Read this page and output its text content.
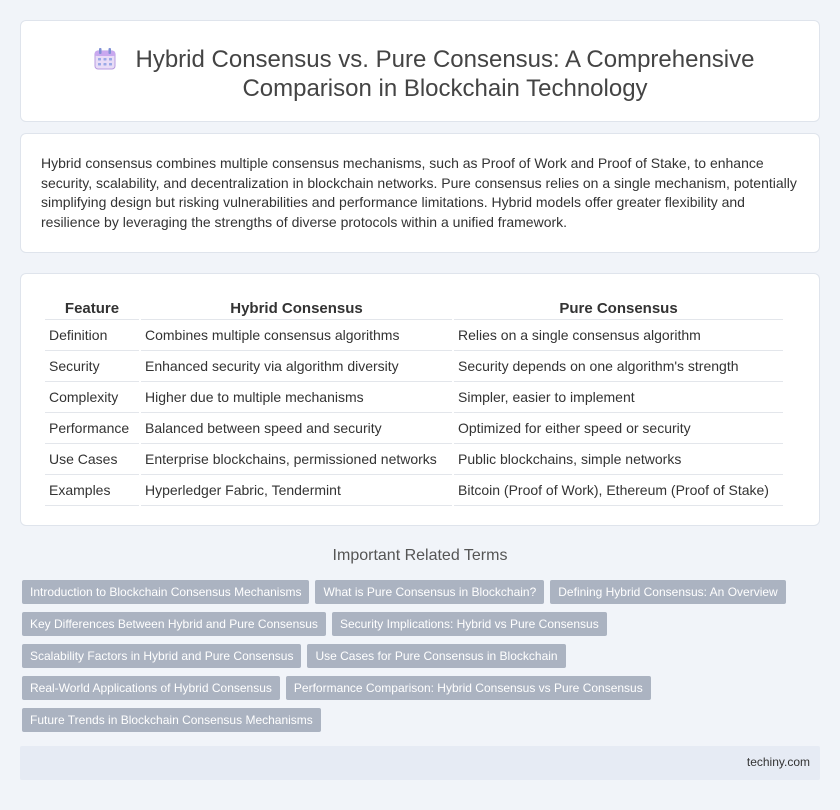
Hybrid Consensus vs. Pure Consensus: A Comprehensive Comparison in Blockchain Technology

Hybrid consensus combines multiple consensus mechanisms, such as Proof of Work and Proof of Stake, to enhance security, scalability, and decentralization in blockchain networks. Pure consensus relies on a single mechanism, potentially simplifying design but risking vulnerabilities and performance limitations. Hybrid models offer greater flexibility and resilience by leveraging the strengths of diverse protocols within a unified framework.

Feature	Hybrid Consensus	Pure Consensus
Definition	Combines multiple consensus algorithms	Relies on a single consensus algorithm
Security	Enhanced security via algorithm diversity	Security depends on one algorithm's strength
Complexity	Higher due to multiple mechanisms	Simpler, easier to implement
Performance	Balanced between speed and security	Optimized for either speed or security
Use Cases	Enterprise blockchains, permissioned networks	Public blockchains, simple networks
Examples	Hyperledger Fabric, Tendermint	Bitcoin (Proof of Work), Ethereum (Proof of Stake)
Important Related Terms
Introduction to Blockchain Consensus Mechanisms What is Pure Consensus in Blockchain? Defining Hybrid Consensus: An Overview
Key Differences Between Hybrid and Pure Consensus Security Implications: Hybrid vs Pure Consensus
Scalability Factors in Hybrid and Pure Consensus Use Cases for Pure Consensus in Blockchain
Real-World Applications of Hybrid Consensus Performance Comparison: Hybrid Consensus vs Pure Consensus
Future Trends in Blockchain Consensus Mechanisms
techiny.com
